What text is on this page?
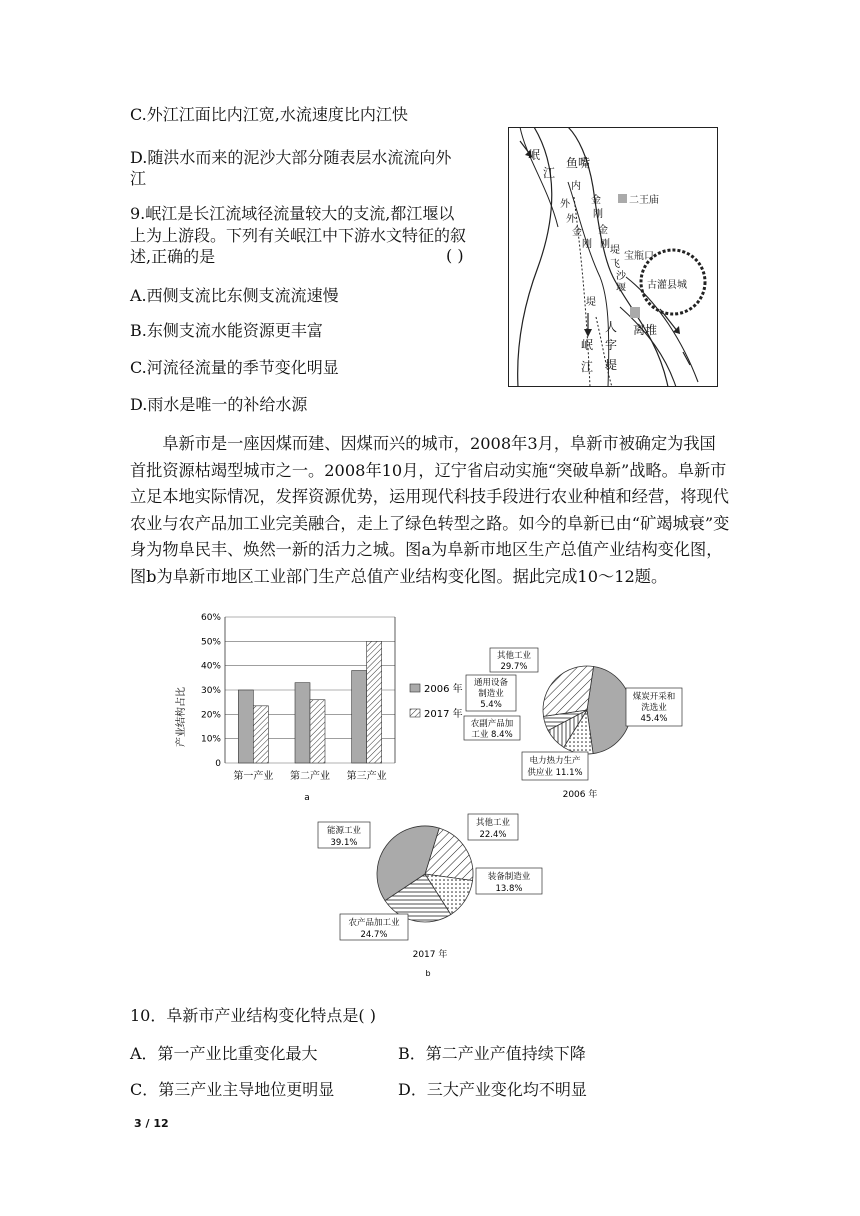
C.外江江面比内江宽,水流速度比内江快
D.随洪水而来的泥沙大部分随表层水流流向外
江
9.岷江是长江流域径流量较大的支流,都江堰以
上为上游段。下列有关岷江中下游水文特征的叙
述,正确的是	( )
A.西侧支流比东侧支流流速慢
B.东侧支流水能资源更丰富
C.河流径流量的季节变化明显
D.雨水是唯一的补给水源
岷
江
鱼嘴
内
外 金
刚
外
金
刚
堤
金
刚
堤
飞
沙
堰
宝瓶口
二王庙
古灌县城
人
字
堤
离堆
岷
江
阜新市是一座因煤而建、因煤而兴的城市，2008年3月，阜新市被确定为我国首批资源枯竭型城市之一。2008年10月，辽宁省启动实施“突破阜新”战略。阜新市立足本地实际情况，发挥资源优势，运用现代科技手段进行农业种植和经营，将现代农业与农产品加工业完美融合，走上了绿色转型之路。如今的阜新已由“矿竭城衰”变身为物阜民丰、焕然一新的活力之城。图a为阜新市地区生产总值产业结构变化图，图b为阜新市地区工业部门生产总值产业结构变化图。据此完成10～12题。
0
10%
20%
30%
40%
50%
60%
第一产业 第二产业 第三产业
产业结构占比	2006 年
2017 年
a
其他工业
29.7%
通用设备
制造业
5.4%
农副产品加
工业 8.4%
电力热力生产
供应业 11.1%
煤炭开采和
洗选业
45.4%
2006 年
能源工业
39.1%
其他工业
22.4%
装备制造业
13.8%
农产品加工业
24.7%
2017 年
b
10．阜新市产业结构变化特点是( )
A．第一产业比重变化最大	B．第二产业产值持续下降
C．第三产业主导地位更明显	D．三大产业变化均不明显
3 / 12
